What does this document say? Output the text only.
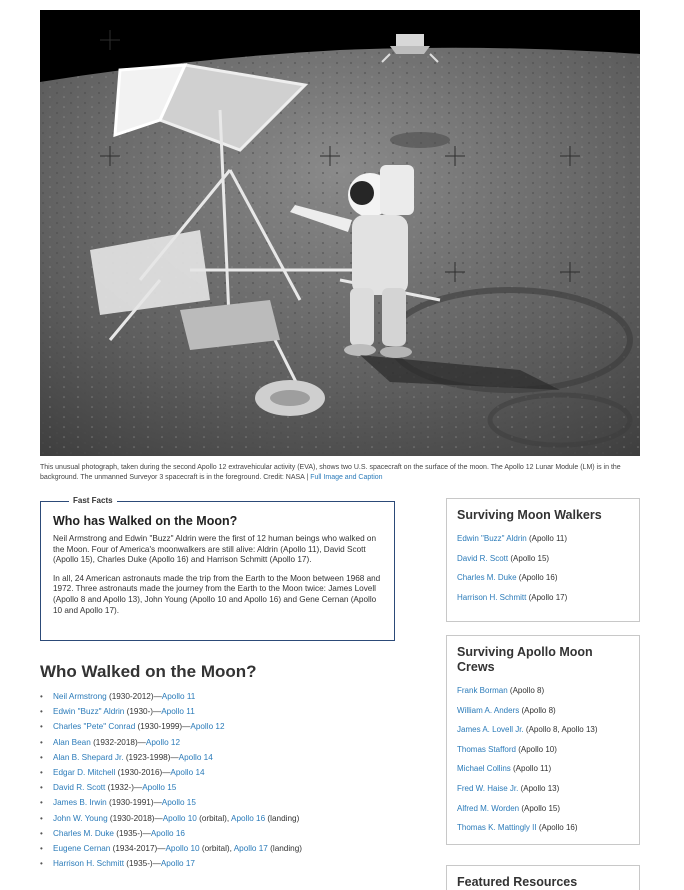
This unusual photograph, taken during the second Apollo 12 extravehicular activity (EVA), shows two U.S. spacecraft on the surface of the moon. The Apollo 12 Lunar Module (LM) is in the background. The unmanned Surveyor 3 spacecraft is in the foreground. Credit: NASA | Full Image and Caption
Fast Facts
Who has Walked on the Moon?

Neil Armstrong and Edwin "Buzz" Aldrin were the first of 12 human beings who walked on the Moon. Four of America's moonwalkers are still alive: Aldrin (Apollo 11), David Scott (Apollo 15), Charles Duke (Apollo 16) and Harrison Schmitt (Apollo 17).

In all, 24 American astronauts made the trip from the Earth to the Moon between 1968 and 1972. Three astronauts made the journey from the Earth to the Moon twice: James Lovell (Apollo 8 and Apollo 13), John Young (Apollo 10 and Apollo 16) and Gene Cernan (Apollo 10 and Apollo 17).

Who Walked on the Moon?
• Neil Armstrong (1930-2012)—Apollo 11
• Edwin "Buzz" Aldrin (1930-)—Apollo 11
• Charles "Pete" Conrad (1930-1999)—Apollo 12
• Alan Bean (1932-2018)—Apollo 12
• Alan B. Shepard Jr. (1923-1998)—Apollo 14
• Edgar D. Mitchell (1930-2016)—Apollo 14
• David R. Scott (1932-)—Apollo 15
• James B. Irwin (1930-1991)—Apollo 15
• John W. Young (1930-2018)—Apollo 10 (orbital), Apollo 16 (landing)
• Charles M. Duke (1935-)—Apollo 16
• Eugene Cernan (1934-2017)—Apollo 10 (orbital), Apollo 17 (landing)
• Harrison H. Schmitt (1935-)—Apollo 17
Surviving Moon Walkers
Edwin "Buzz" Aldrin (Apollo 11)
David R. Scott (Apollo 15)
Charles M. Duke (Apollo 16)
Harrison H. Schmitt (Apollo 17)
Surviving Apollo Moon Crews
Frank Borman (Apollo 8)
William A. Anders (Apollo 8)
James A. Lovell Jr. (Apollo 8, Apollo 13)
Thomas Stafford (Apollo 10)
Michael Collins (Apollo 11)
Fred W. Haise Jr. (Apollo 13)
Alfred M. Worden (Apollo 15)
Thomas K. Mattingly II (Apollo 16)
Featured Resources
